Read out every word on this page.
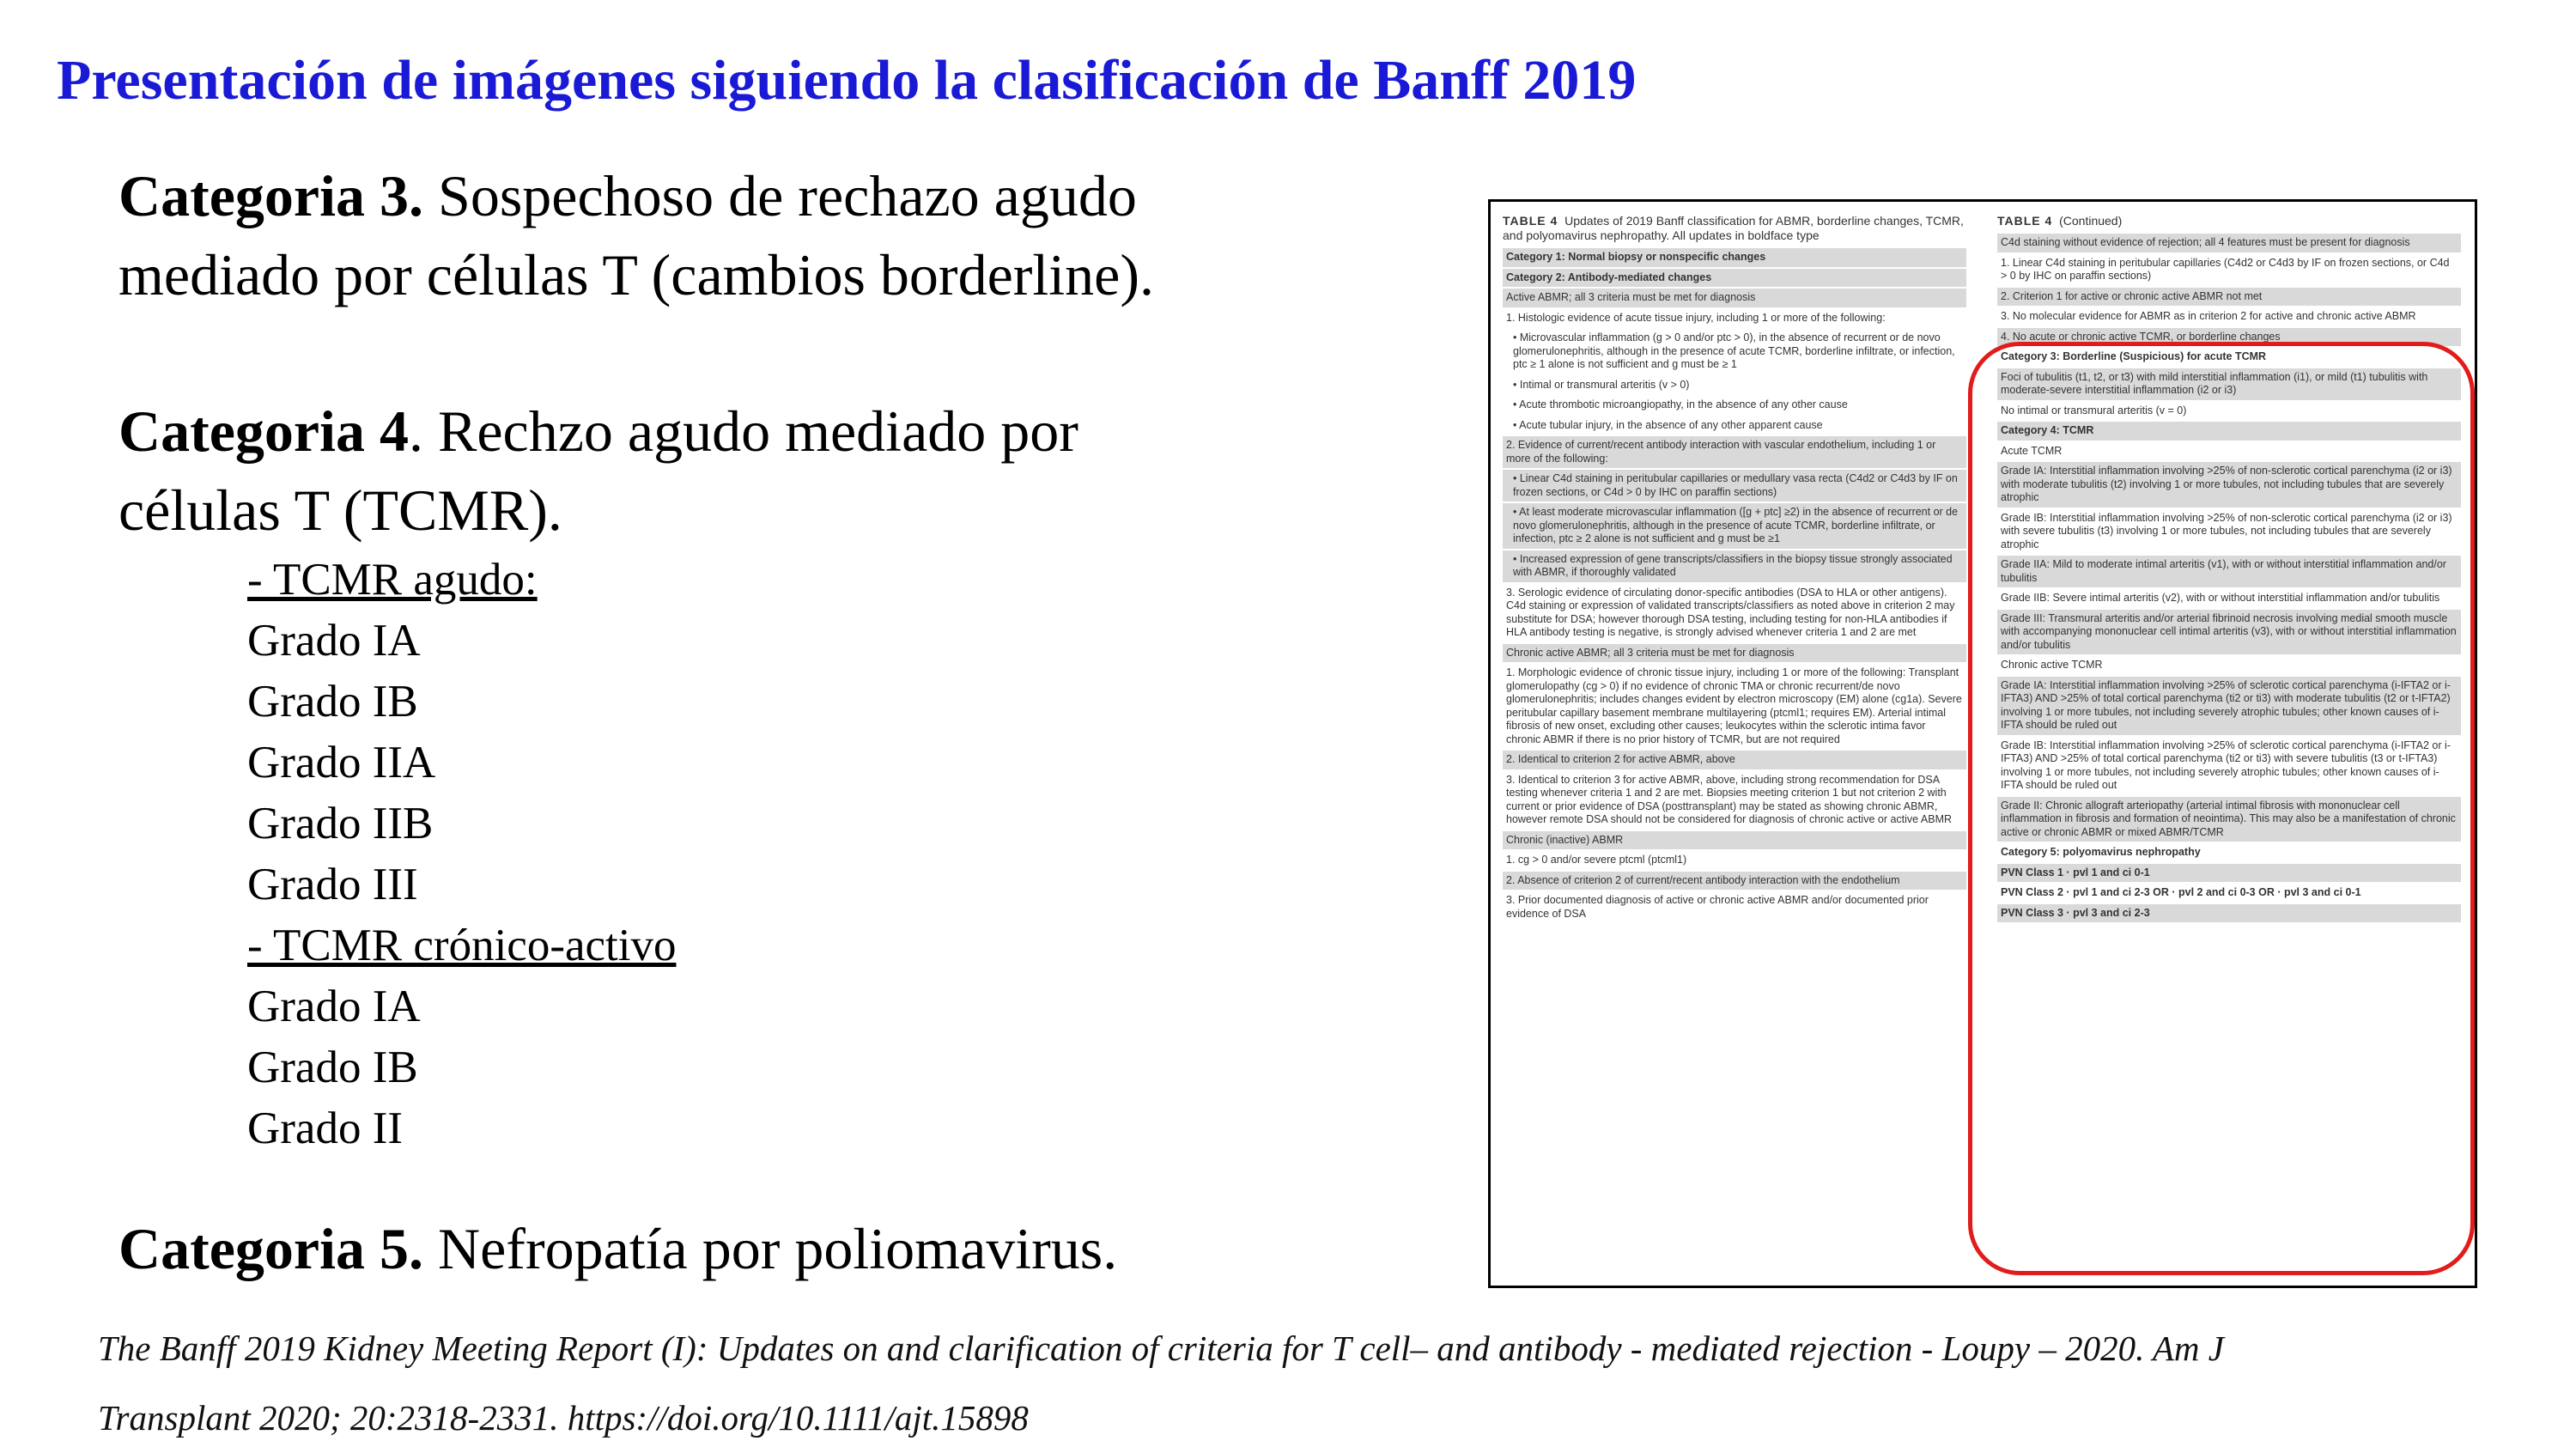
Presentación de imágenes siguiendo la clasificación de Banff 2019

Categoria 3. Sospechoso de rechazo agudo
mediado por células T (cambios borderline).

Categoria 4. Rechzo agudo mediado por
células T (TCMR).

- TCMR agudo:
Grado IA
Grado IB
Grado IIA
Grado IIB
Grado III
- TCMR crónico-activo
Grado IA
Grado IB
Grado II

Categoria 5. Nefropatía por poliomavirus.

TABLE 4 Updates of 2019 Banff classification for ABMR, borderline changes, TCMR, and polyomavirus nephropathy. All updates in boldface type
Category 1: Normal biopsy or nonspecific changes
Category 2: Antibody-mediated changes
Active ABMR; all 3 criteria must be met for diagnosis
1. Histologic evidence of acute tissue injury, including 1 or more of the following:
• Microvascular inflammation (g > 0 and/or ptc > 0), in the absence of recurrent or de novo glomerulonephritis, although in the presence of acute TCMR, borderline infiltrate, or infection, ptc ≥ 1 alone is not sufficient and g must be ≥ 1
• Intimal or transmural arteritis (v > 0)
• Acute thrombotic microangiopathy, in the absence of any other cause
• Acute tubular injury, in the absence of any other apparent cause
2. Evidence of current/recent antibody interaction with vascular endothelium, including 1 or more of the following:
• Linear C4d staining in peritubular capillaries or medullary vasa recta (C4d2 or C4d3 by IF on frozen sections, or C4d > 0 by IHC on paraffin sections)
• At least moderate microvascular inflammation ([g + ptc] ≥2) in the absence of recurrent or de novo glomerulonephritis, although in the presence of acute TCMR, borderline infiltrate, or infection, ptc ≥ 2 alone is not sufficient and g must be ≥1
• Increased expression of gene transcripts/classifiers in the biopsy tissue strongly associated with ABMR, if thoroughly validated
3. Serologic evidence of circulating donor-specific antibodies (DSA to HLA or other antigens). C4d staining or expression of validated transcripts/classifiers as noted above in criterion 2 may substitute for DSA; however thorough DSA testing, including testing for non-HLA antibodies if HLA antibody testing is negative, is strongly advised whenever criteria 1 and 2 are met
Chronic active ABMR; all 3 criteria must be met for diagnosis
1. Morphologic evidence of chronic tissue injury, including 1 or more of the following: Transplant glomerulopathy (cg > 0) if no evidence of chronic TMA or chronic recurrent/de novo glomerulonephritis; includes changes evident by electron microscopy (EM) alone (cg1a). Severe peritubular capillary basement membrane multilayering (ptcml1; requires EM). Arterial intimal fibrosis of new onset, excluding other causes; leukocytes within the sclerotic intima favor chronic ABMR if there is no prior history of TCMR, but are not required
2. Identical to criterion 2 for active ABMR, above
3. Identical to criterion 3 for active ABMR, above, including strong recommendation for DSA testing whenever criteria 1 and 2 are met. Biopsies meeting criterion 1 but not criterion 2 with current or prior evidence of DSA (posttransplant) may be stated as showing chronic ABMR, however remote DSA should not be considered for diagnosis of chronic active or active ABMR
Chronic (inactive) ABMR
1. cg > 0 and/or severe ptcml (ptcml1)
2. Absence of criterion 2 of current/recent antibody interaction with the endothelium
3. Prior documented diagnosis of active or chronic active ABMR and/or documented prior evidence of DSA
TABLE 4 (Continued)
C4d staining without evidence of rejection; all 4 features must be present for diagnosis
1. Linear C4d staining in peritubular capillaries (C4d2 or C4d3 by IF on frozen sections, or C4d > 0 by IHC on paraffin sections)
2. Criterion 1 for active or chronic active ABMR not met
3. No molecular evidence for ABMR as in criterion 2 for active and chronic active ABMR
4. No acute or chronic active TCMR, or borderline changes
Category 3: Borderline (Suspicious) for acute TCMR
Foci of tubulitis (t1, t2, or t3) with mild interstitial inflammation (i1), or mild (t1) tubulitis with moderate-severe interstitial inflammation (i2 or i3)
No intimal or transmural arteritis (v = 0)
Category 4: TCMR
Acute TCMR
Grade IA: Interstitial inflammation involving >25% of non-sclerotic cortical parenchyma (i2 or i3) with moderate tubulitis (t2) involving 1 or more tubules, not including tubules that are severely atrophic
Grade IB: Interstitial inflammation involving >25% of non-sclerotic cortical parenchyma (i2 or i3) with severe tubulitis (t3) involving 1 or more tubules, not including tubules that are severely atrophic
Grade IIA: Mild to moderate intimal arteritis (v1), with or without interstitial inflammation and/or tubulitis
Grade IIB: Severe intimal arteritis (v2), with or without interstitial inflammation and/or tubulitis
Grade III: Transmural arteritis and/or arterial fibrinoid necrosis involving medial smooth muscle with accompanying mononuclear cell intimal arteritis (v3), with or without interstitial inflammation and/or tubulitis
Chronic active TCMR
Grade IA: Interstitial inflammation involving >25% of sclerotic cortical parenchyma (i-IFTA2 or i-IFTA3) AND >25% of total cortical parenchyma (ti2 or ti3) with moderate tubulitis (t2 or t-IFTA2) involving 1 or more tubules, not including severely atrophic tubules; other known causes of i-IFTA should be ruled out
Grade IB: Interstitial inflammation involving >25% of sclerotic cortical parenchyma (i-IFTA2 or i-IFTA3) AND >25% of total cortical parenchyma (ti2 or ti3) with severe tubulitis (t3 or t-IFTA3) involving 1 or more tubules, not including severely atrophic tubules; other known causes of i-IFTA should be ruled out
Grade II: Chronic allograft arteriopathy (arterial intimal fibrosis with mononuclear cell inflammation in fibrosis and formation of neointima). This may also be a manifestation of chronic active or chronic ABMR or mixed ABMR/TCMR
Category 5: polyomavirus nephropathy
PVN Class 1 · pvl 1 and ci 0-1
PVN Class 2 · pvl 1 and ci 2-3 OR · pvl 2 and ci 0-3 OR · pvl 3 and ci 0-1
PVN Class 3 · pvl 3 and ci 2-3

The Banff 2019 Kidney Meeting Report (I): Updates on and clarification of criteria for T cell– and antibody - mediated rejection - Loupy – 2020. Am J

Transplant 2020; 20:2318-2331. https://doi.org/10.1111/ajt.15898
